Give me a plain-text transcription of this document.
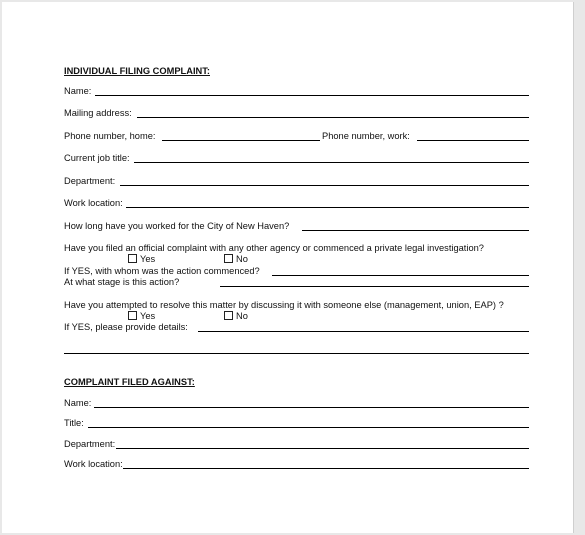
INDIVIDUAL FILING COMPLAINT:
Name:
Mailing address:
Phone number, home:	Phone number, work:
Current job title:
Department:
Work location:
How long have you worked for the City of New Haven?
Have you filed an official complaint with any other agency or commenced a private legal investigation?
Yes	No
If YES, with whom was the action commenced?
At what stage is this action?
Have you attempted to resolve this matter by discussing it with someone else (management, union, EAP) ?
Yes	No
If YES, please provide details:
COMPLAINT FILED AGAINST:
Name:
Title:
Department:
Work location:
